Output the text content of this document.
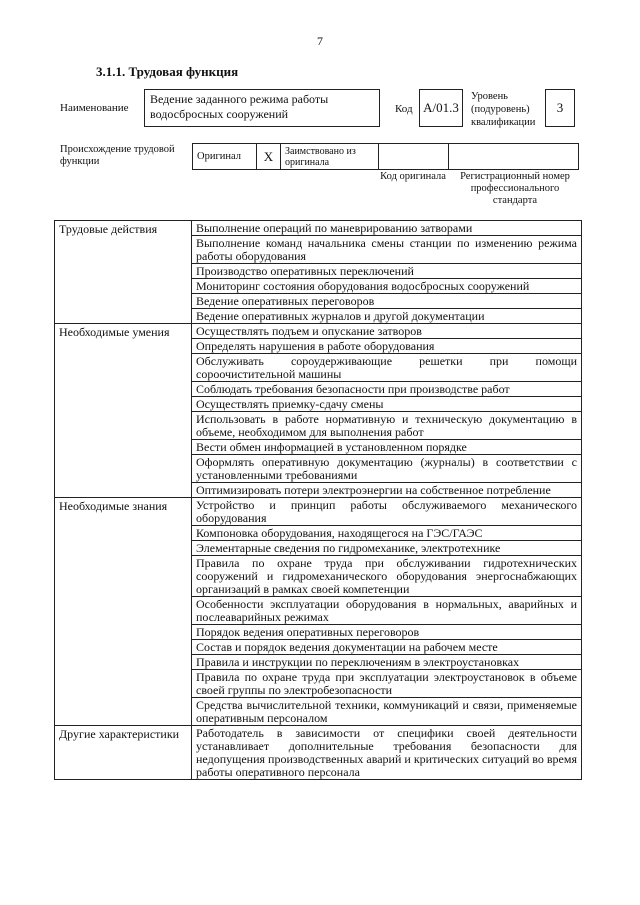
7
3.1.1. Трудовая функция
Наименование
Ведение заданного режима работы водосбросных сооружений	Код А/01.3
Уровень (подуровень) квалификации
3
Происхождение трудовой функции	Оригинал	X	Заимствовано из оригинала		
Код оригинала	Регистрационный номер профессионального стандарта
Трудовые действия	Выполнение операций по маневрированию затворами
	Выполнение команд начальника смены станции по изменению режима работы оборудования
	Производство оперативных переключений
	Мониторинг состояния оборудования водосбросных сооружений
	Ведение оперативных переговоров
	Ведение оперативных журналов и другой документации
Необходимые умения	Осуществлять подъем и опускание затворов
	Определять нарушения в работе оборудования
	Обслуживать сороудерживающие решетки при помощи сороочистительной машины
	Соблюдать требования безопасности при производстве работ
	Осуществлять приемку-сдачу смены
	Использовать в работе нормативную и техническую документацию в объеме, необходимом для выполнения работ
	Вести обмен информацией в установленном порядке
	Оформлять оперативную документацию (журналы) в соответствии с установленными требованиями
	Оптимизировать потери электроэнергии на собственное потребление
Необходимые знания	Устройство и принцип работы обслуживаемого механического оборудования
	Компоновка оборудования, находящегося на ГЭС/ГАЭС
	Элементарные сведения по гидромеханике, электротехнике
	Правила по охране труда при обслуживании гидротехнических сооружений и гидромеханического оборудования энергоснабжающих организаций в рамках своей компетенции
	Особенности эксплуатации оборудования в нормальных, аварийных и послеаварийных режимах
	Порядок ведения оперативных переговоров
	Состав и порядок ведения документации на рабочем месте
	Правила и инструкции по переключениям в электроустановках
	Правила по охране труда при эксплуатации электроустановок в объеме своей группы по электробезопасности
	Средства вычислительной техники, коммуникаций и связи, применяемые оперативным персоналом
Другие характеристики	Работодатель в зависимости от специфики своей деятельности устанавливает дополнительные требования безопасности для недопущения производственных аварий и критических ситуаций во время работы оперативного персонала
